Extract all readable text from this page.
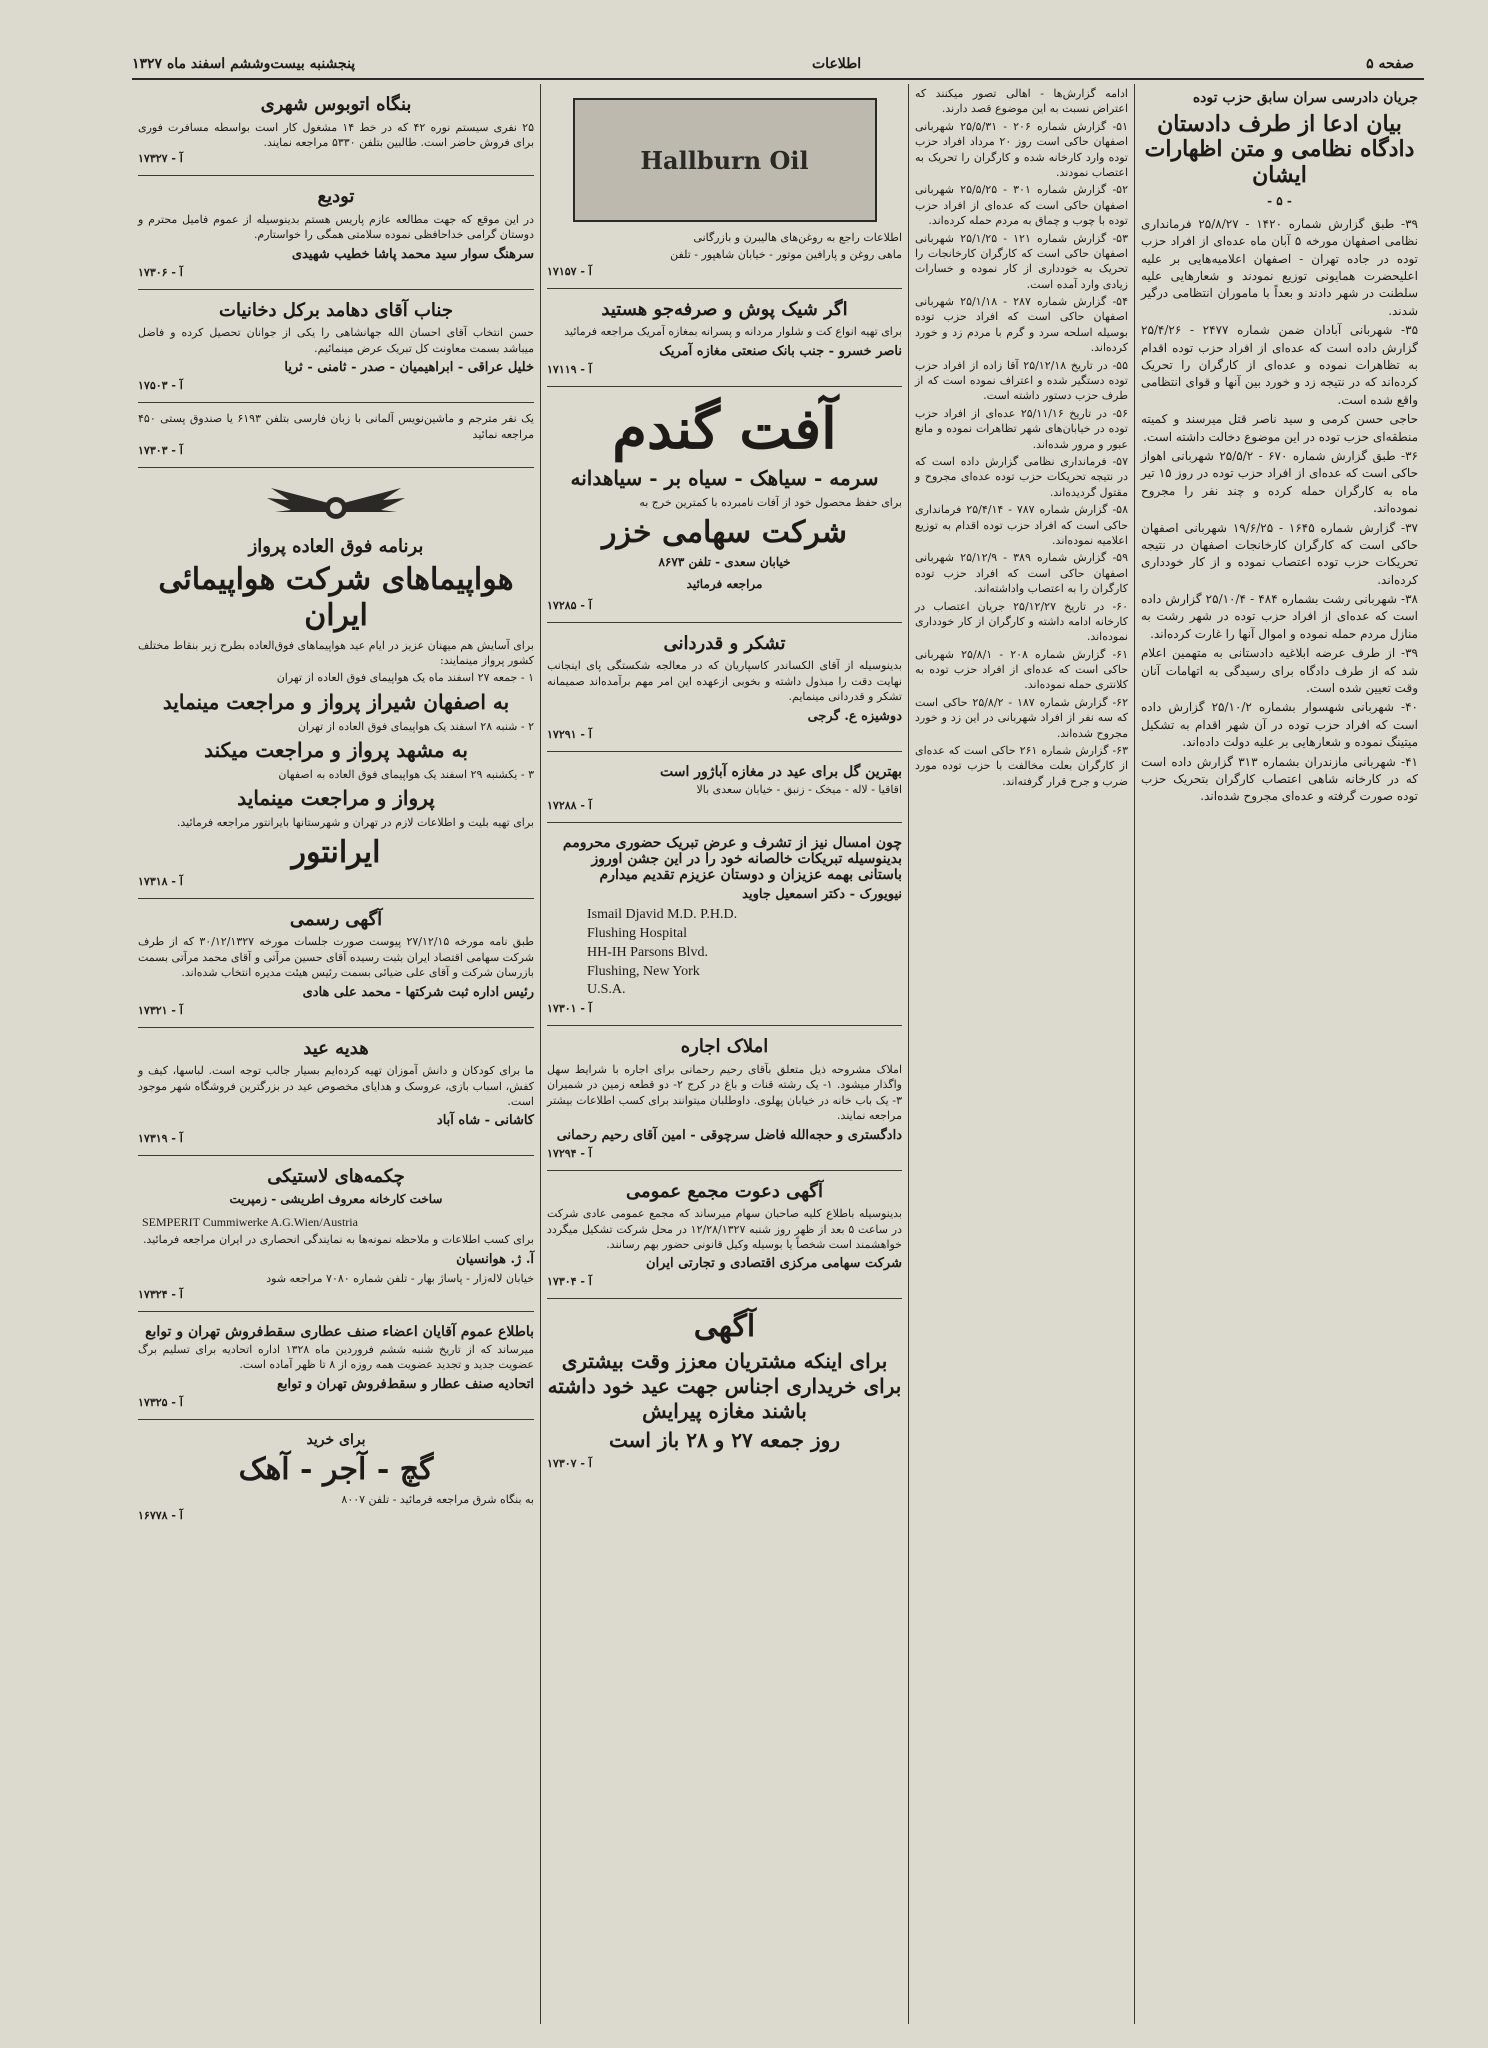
صفحه ۵
اطلاعات
پنجشنبه بیست‌وششم اسفند ماه ۱۳۲۷
جریان دادرسی سران سابق حزب توده
بیان ادعا از طرف دادستان دادگاه نظامی و متن اظهارات ایشان
- ۵ -

۳۹- طبق گزارش شماره ۱۴۲۰ - ۲۵/۸/۲۷ فرمانداری نظامی اصفهان مورخه ۵ آبان ماه عده‌ای از افراد حزب توده در جاده تهران - اصفهان اعلامیه‌هایی بر علیه اعلیحضرت همایونی توزیع نمودند و شعارهایی علیه سلطنت در شهر دادند و بعداً با ماموران انتظامی درگیر شدند.

۳۵- شهربانی آبادان ضمن شماره ۲۴۷۷ - ۲۵/۴/۲۶ گزارش داده است که عده‌ای از افراد حزب توده اقدام به تظاهرات نموده و عده‌ای از کارگران را تحریک کرده‌اند که در نتیجه زد و خورد بین آنها و قوای انتظامی واقع شده است.

حاجی حسن کرمی و سید ناصر قتل میرسند و کمیته منطقه‌ای حزب توده در این موضوع دخالت داشته است.

۳۶- طبق گزارش شماره ۶۷۰ - ۲۵/۵/۲ شهربانی اهواز حاکی است که عده‌ای از افراد حزب توده در روز ۱۵ تیر ماه به کارگران حمله کرده و چند نفر را مجروح نموده‌اند.

۳۷- گزارش شماره ۱۶۴۵ - ۱۹/۶/۲۵ شهربانی اصفهان حاکی است که کارگران کارخانجات اصفهان در نتیجه تحریکات حزب توده اعتصاب نموده و از کار خودداری کرده‌اند.

۳۸- شهربانی رشت بشماره ۴۸۴ - ۲۵/۱۰/۴ گزارش داده است که عده‌ای از افراد حزب توده در شهر رشت به منازل مردم حمله نموده و اموال آنها را غارت کرده‌اند.

۳۹- از طرف عرضه ابلاغیه دادستانی به متهمین اعلام شد که از طرف دادگاه برای رسیدگی به اتهامات آنان وقت تعیین شده است.

۴۰- شهربانی شهسوار بشماره ۲۵/۱۰/۲ گزارش داده است که افراد حزب توده در آن شهر اقدام به تشکیل میتینگ نموده و شعارهایی بر علیه دولت داده‌اند.

۴۱- شهربانی مازندران بشماره ۳۱۳ گزارش داده است که در کارخانه شاهی اعتصاب کارگران بتحریک حزب توده صورت گرفته و عده‌ای مجروح شده‌اند.

ادامه گزارش‌ها - اهالی تصور میکنند که اعتراض نسبت به این موضوع قصد دارند.

۵۱- گزارش شماره ۲۰۶ - ۲۵/۵/۳۱ شهربانی اصفهان حاکی است روز ۲۰ مرداد افراد حزب توده وارد کارخانه شده و کارگران را تحریک به اعتصاب نمودند.

۵۲- گزارش شماره ۳۰۱ - ۲۵/۵/۲۵ شهربانی اصفهان حاکی است که عده‌ای از افراد حزب توده با چوب و چماق به مردم حمله کرده‌اند.

۵۳- گزارش شماره ۱۲۱ - ۲۵/۱/۲۵ شهربانی اصفهان حاکی است که کارگران کارخانجات را تحریک به خودداری از کار نموده و خسارات زیادی وارد آمده است.

۵۴- گزارش شماره ۲۸۷ - ۲۵/۱/۱۸ شهربانی اصفهان حاکی است که افراد حزب توده بوسیله اسلحه سرد و گرم با مردم زد و خورد کرده‌اند.

۵۵- در تاریخ ۲۵/۱۲/۱۸ آقا زاده از افراد حزب توده دستگیر شده و اعتراف نموده است که از طرف حزب دستور داشته است.

۵۶- در تاریخ ۲۵/۱۱/۱۶ عده‌ای از افراد حزب توده در خیابان‌های شهر تظاهرات نموده و مانع عبور و مرور شده‌اند.

۵۷- فرمانداری نظامی گزارش داده است که در نتیجه تحریکات حزب توده عده‌ای مجروح و مقتول گردیده‌اند.

۵۸- گزارش شماره ۷۸۷ - ۲۵/۴/۱۴ فرمانداری حاکی است که افراد حزب توده اقدام به توزیع اعلامیه نموده‌اند.

۵۹- گزارش شماره ۳۸۹ - ۲۵/۱۲/۹ شهربانی اصفهان حاکی است که افراد حزب توده کارگران را به اعتصاب واداشته‌اند.

۶۰- در تاریخ ۲۵/۱۲/۲۷ جریان اعتصاب در کارخانه ادامه داشته و کارگران از کار خودداری نموده‌اند.

۶۱- گزارش شماره ۲۰۸ - ۲۵/۸/۱ شهربانی حاکی است که عده‌ای از افراد حزب توده به کلانتری حمله نموده‌اند.

۶۲- گزارش شماره ۱۸۷ - ۲۵/۸/۲ حاکی است که سه نفر از افراد شهربانی در این زد و خورد مجروح شده‌اند.

۶۳- گزارش شماره ۲۶۱ حاکی است که عده‌ای از کارگران بعلت مخالفت با حزب توده مورد ضرب و جرح قرار گرفته‌اند.

Hallburn Oil

اطلاعات راجع به روغن‌های هالیبرن و بازرگانی

ماهی روغن و پارافین موتور - خیابان شاهپور - تلفن

آ - ۱۷۱۵۷
اگر شیک پوش و صرفه‌جو هستید

برای تهیه انواع کت و شلوار مردانه و پسرانه بمغازه آمریک مراجعه فرمائید

ناصر خسرو - جنب بانک صنعتی مغازه آمریک
آ - ۱۷۱۱۹
آفت گندم
سرمه - سیاهک - سیاه بر - سیاهدانه

برای حفظ محصول خود از آفات نامبرده با کمترین خرج به

شرکت سهامی خزر
خیابان سعدی - تلفن ۸۶۷۳
مراجعه فرمائید
آ - ۱۷۲۸۵
تشکر و قدردانی

بدینوسیله از آقای الکساندر کاسپاریان که در معالجه شکستگی پای اینجانب نهایت دقت را مبذول داشته و بخوبی ازعهده این امر مهم برآمده‌اند صمیمانه تشکر و قدردانی مینمایم.

دوشیزه ع. گرجی
آ - ۱۷۲۹۱
بهترین گل برای عید در مغازه آباژور است

اقاقیا - لاله - میخک - زنبق - خیابان سعدی بالا

آ - ۱۷۲۸۸
چون امسال نیز از تشرف و عرض تبریک حضوری محرومم بدینوسیله تبریکات خالصانه خود را در این جشن اوروز باستانی بهمه عزیزان و دوستان عزیزم تقدیم میدارم
نیویورک - دکتر اسمعیل جاوید
Ismail Djavid M.D. P.H.D.
Flushing Hospital
HH-IH Parsons Blvd.
Flushing, New York
U.S.A.
آ - ۱۷۳۰۱
املاک اجاره

املاک مشروحه ذیل متعلق بآقای رحیم رحمانی برای اجاره با شرایط سهل واگذار میشود. ۱- یک رشته قنات و باغ در کرج ۲- دو قطعه زمین در شمیران ۳- یک باب خانه در خیابان پهلوی. داوطلبان میتوانند برای کسب اطلاعات بیشتر مراجعه نمایند.

دادگستری و حجه‌الله فاضل سرچوقی - امین آقای رحیم رحمانی
آ - ۱۷۲۹۴
آگهی دعوت مجمع عمومی

بدینوسیله باطلاع کلیه صاحبان سهام میرساند که مجمع عمومی عادی شرکت در ساعت ۵ بعد از ظهر روز شنبه ۱۲/۲۸/۱۳۲۷ در محل شرکت تشکیل میگردد خواهشمند است شخصاً یا بوسیله وکیل قانونی حضور بهم رسانند.

شرکت سهامی مرکزی اقتصادی و تجارتی ایران
آ - ۱۷۳۰۴
آگهی
برای اینکه مشتریان معزز وقت بیشتری برای خریداری اجناس جهت عید خود داشته باشند مغازه پیرایش
روز جمعه ۲۷ و ۲۸ باز است
آ - ۱۷۳۰۷
بنگاه اتوبوس شهری

۲۵ نفری سیستم نوره ۴۲ که در خط ۱۴ مشغول کار است بواسطه مسافرت فوری برای فروش حاضر است. طالبین بتلفن ۵۳۳۰ مراجعه نمایند.

آ - ۱۷۳۲۷
تودیع

در این موقع که جهت مطالعه عازم پاریس هستم بدینوسیله از عموم فامیل محترم و دوستان گرامی خداحافظی نموده سلامتی همگی را خواستارم.

سرهنگ سوار سید محمد پاشا خطیب شهیدی
آ - ۱۷۳۰۶
جناب آقای دهامد برکل دخانیات

حسن انتخاب آقای احسان الله جهانشاهی را یکی از جوانان تحصیل کرده و فاضل میباشد بسمت معاونت کل تبریک عرض مینمائیم.

خلیل عراقی - ابراهیمیان - صدر - ثامنی - ثریا
آ - ۱۷۵۰۳

یک نفر مترجم و ماشین‌نویس آلمانی با زبان فارسی بتلفن ۶۱۹۳ یا صندوق پستی ۴۵۰ مراجعه نمائید

آ - ۱۷۳۰۳
برنامه فوق العاده پرواز
هواپیماهای شرکت هواپیمائی ایران

برای آسایش هم میهنان عزیز در ایام عید هواپیماهای فوق‌العاده بطرح زیر بنقاط مختلف کشور پرواز مینمایند:

۱ - جمعه ۲۷ اسفند ماه یک هواپیمای فوق العاده از تهران

به اصفهان شیراز پرواز و مراجعت مینماید

۲ - شنبه ۲۸ اسفند یک هواپیمای فوق العاده از تهران

به مشهد پرواز و مراجعت میکند

۳ - یکشنبه ۲۹ اسفند یک هواپیمای فوق العاده به اصفهان

پرواز و مراجعت مینماید

برای تهیه بلیت و اطلاعات لازم در تهران و شهرستانها بایرانتور مراجعه فرمائید.

ایرانتور
آ - ۱۷۳۱۸
آگهی رسمی

طبق نامه مورخه ۲۷/۱۲/۱۵ پیوست صورت جلسات مورخه ۳۰/۱۲/۱۳۲۷ که از طرف شرکت سهامی اقتصاد ایران بثبت رسیده آقای حسین مرآتی و آقای محمد مرآتی بسمت بازرسان شرکت و آقای علی ضیائی بسمت رئیس هیئت مدیره انتخاب شده‌اند.

رئیس اداره ثبت شرکتها - محمد علی هادی
آ - ۱۷۳۲۱
هدیه عید

ما برای کودکان و دانش آموزان تهیه کرده‌ایم بسیار جالب توجه است. لباسها، کیف و کفش، اسباب بازی، عروسک و هدایای مخصوص عید در بزرگترین فروشگاه شهر موجود است.

کاشانی - شاه آباد
آ - ۱۷۳۱۹
چکمه‌های لاستیکی
ساخت کارخانه معروف اطریشی - زمپریت
SEMPERIT Cummiwerke A.G.Wien/Austria

برای کسب اطلاعات و ملاحظه نمونه‌ها به نمایندگی انحصاری در ایران مراجعه فرمائید.

آ. ژ. هوانسیان

خیابان لاله‌زار - پاساژ بهار - تلفن شماره ۷۰۸۰ مراجعه شود

آ - ۱۷۳۲۴
باطلاع عموم آقایان اعضاء صنف عطاری سقط‌فروش تهران و توابع

میرساند که از تاریخ شنبه ششم فروردین ماه ۱۳۲۸ اداره اتحادیه برای تسلیم برگ عضویت جدید و تجدید عضویت همه روزه از ۸ تا ظهر آماده است.

اتحادیه صنف عطار و سقط‌فروش تهران و توابع
آ - ۱۷۳۲۵
برای خرید
گچ - آجر - آهک

به بنگاه شرق مراجعه فرمائید - تلفن ۸۰۰۷

آ - ۱۶۷۷۸
